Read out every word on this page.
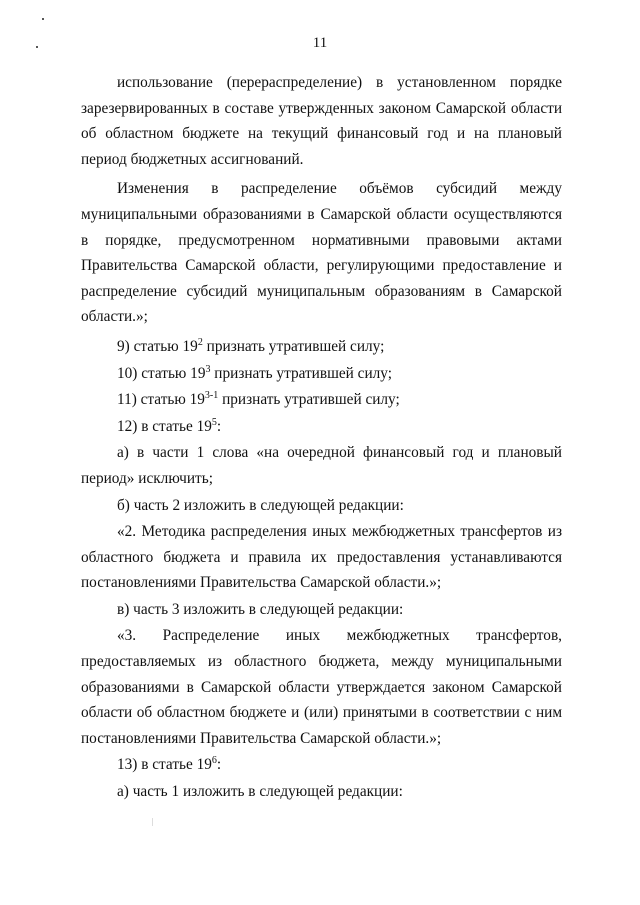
11

использование (перераспределение) в установленном порядке зарезервированных в составе утвержденных законом Самарской области об областном бюджете на текущий финансовый год и на плановый период бюджетных ассигнований.

Изменения в распределение объёмов субсидий между муниципальными образованиями в Самарской области осуществляются в порядке, предусмотренном нормативными правовыми актами Правительства Самарской области, регулирующими предоставление и распределение субсидий муниципальным образованиям в Самарской области.»;

9) статью $19^2$ признать утратившей силу;

10) статью $19^3$ признать утратившей силу;

11) статью 19$^{3-1}$ признать утратившей силу;

12) в статье $19^5$:

а) в части 1 слова «на очередной финансовый год и плановый период» исключить;

б) часть 2 изложить в следующей редакции:

«2. Методика распределения иных межбюджетных трансфертов из областного бюджета и правила их предоставления устанавливаются постановлениями Правительства Самарской области.»;

в) часть 3 изложить в следующей редакции:

«3. Распределение иных межбюджетных трансфертов, предоставляемых из областного бюджета, между муниципальными образованиями в Самарской области утверждается законом Самарской области об областном бюджете и (или) принятыми в соответствии с ним постановлениями Правительства Самарской области.»;

13) в статье $19^6$:

а) часть 1 изложить в следующей редакции:
